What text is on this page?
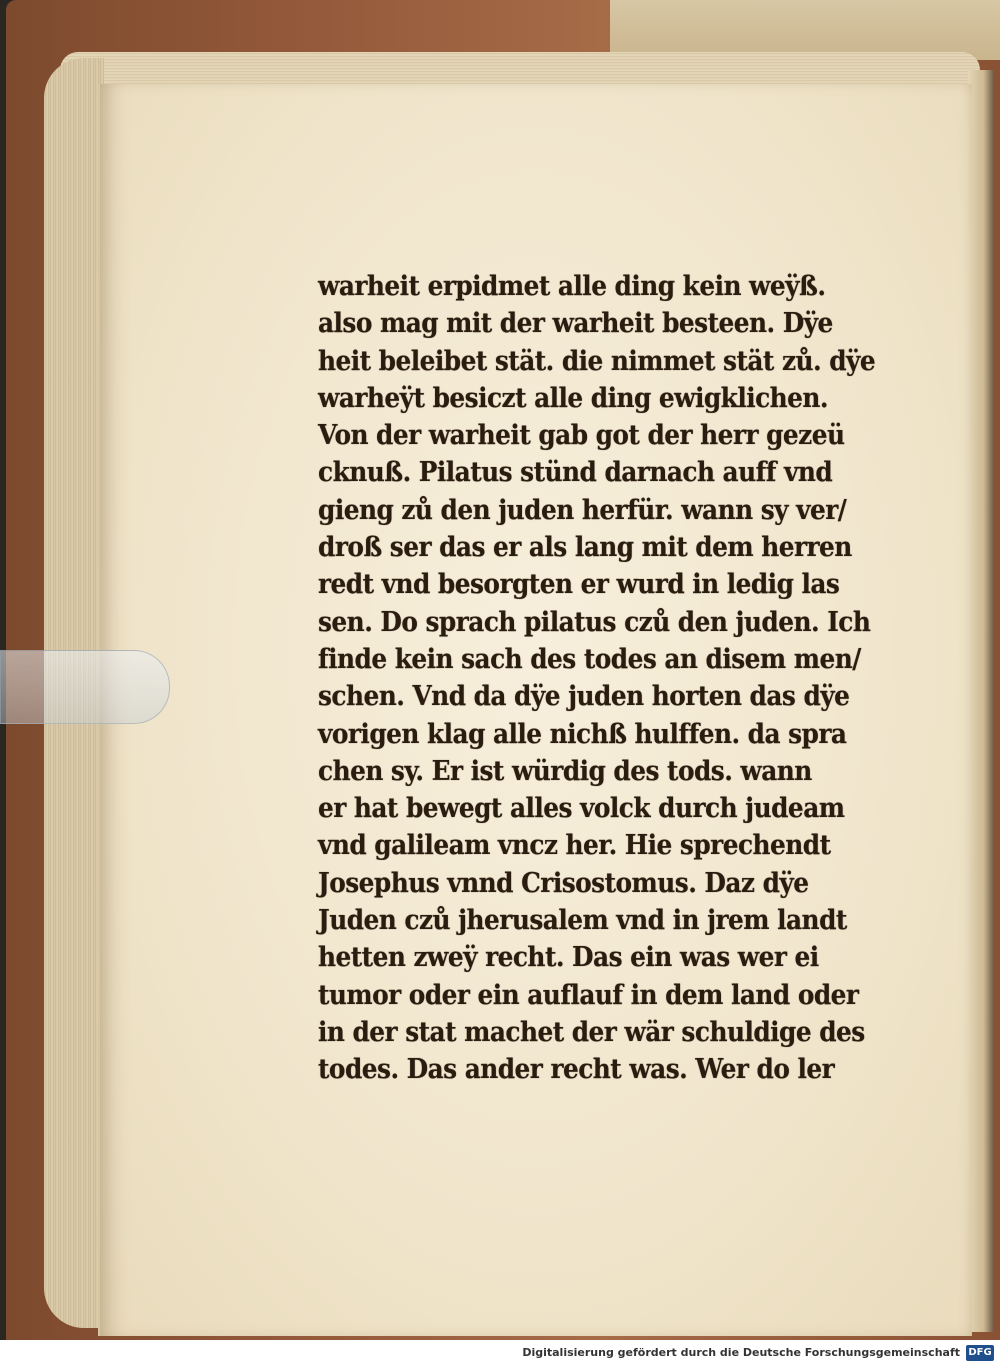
warheit erpidmet alle ding kein weÿß.
also mag mit der warheit besteen. Dÿe
heit beleibet stät. die nimmet stät zů. dÿe
warheÿt besiczt alle ding ewigklichen.
Von der warheit gab got der herr gezeü
cknuß. Pilatus stünd darnach auff vnd
gieng zů den juden herfür. wann sy ver/
droß ser das er als lang mit dem herren
redt vnd besorgten er wurd in ledig las
sen. Do sprach pilatus czů den juden. Ich
finde kein sach des todes an disem men/
schen. Vnd da dÿe juden horten das dÿe
vorigen klag alle nichß hulffen. da spra
chen sy. Er ist würdig des tods. wann
er hat bewegt alles volck durch judeam
vnd galileam vncz her. Hie sprechendt
Josephus vnnd Crisostomus. Daz dÿe
Juden czů jherusalem vnd in jrem landt
hetten zweÿ recht. Das ein was wer ei
tumor oder ein auflauf in dem land oder
in der stat machet der wär schuldige des
todes. Das ander recht was. Wer do ler
Digitalisierung gefördert durch die Deutsche Forschungsgemeinschaft DFG
